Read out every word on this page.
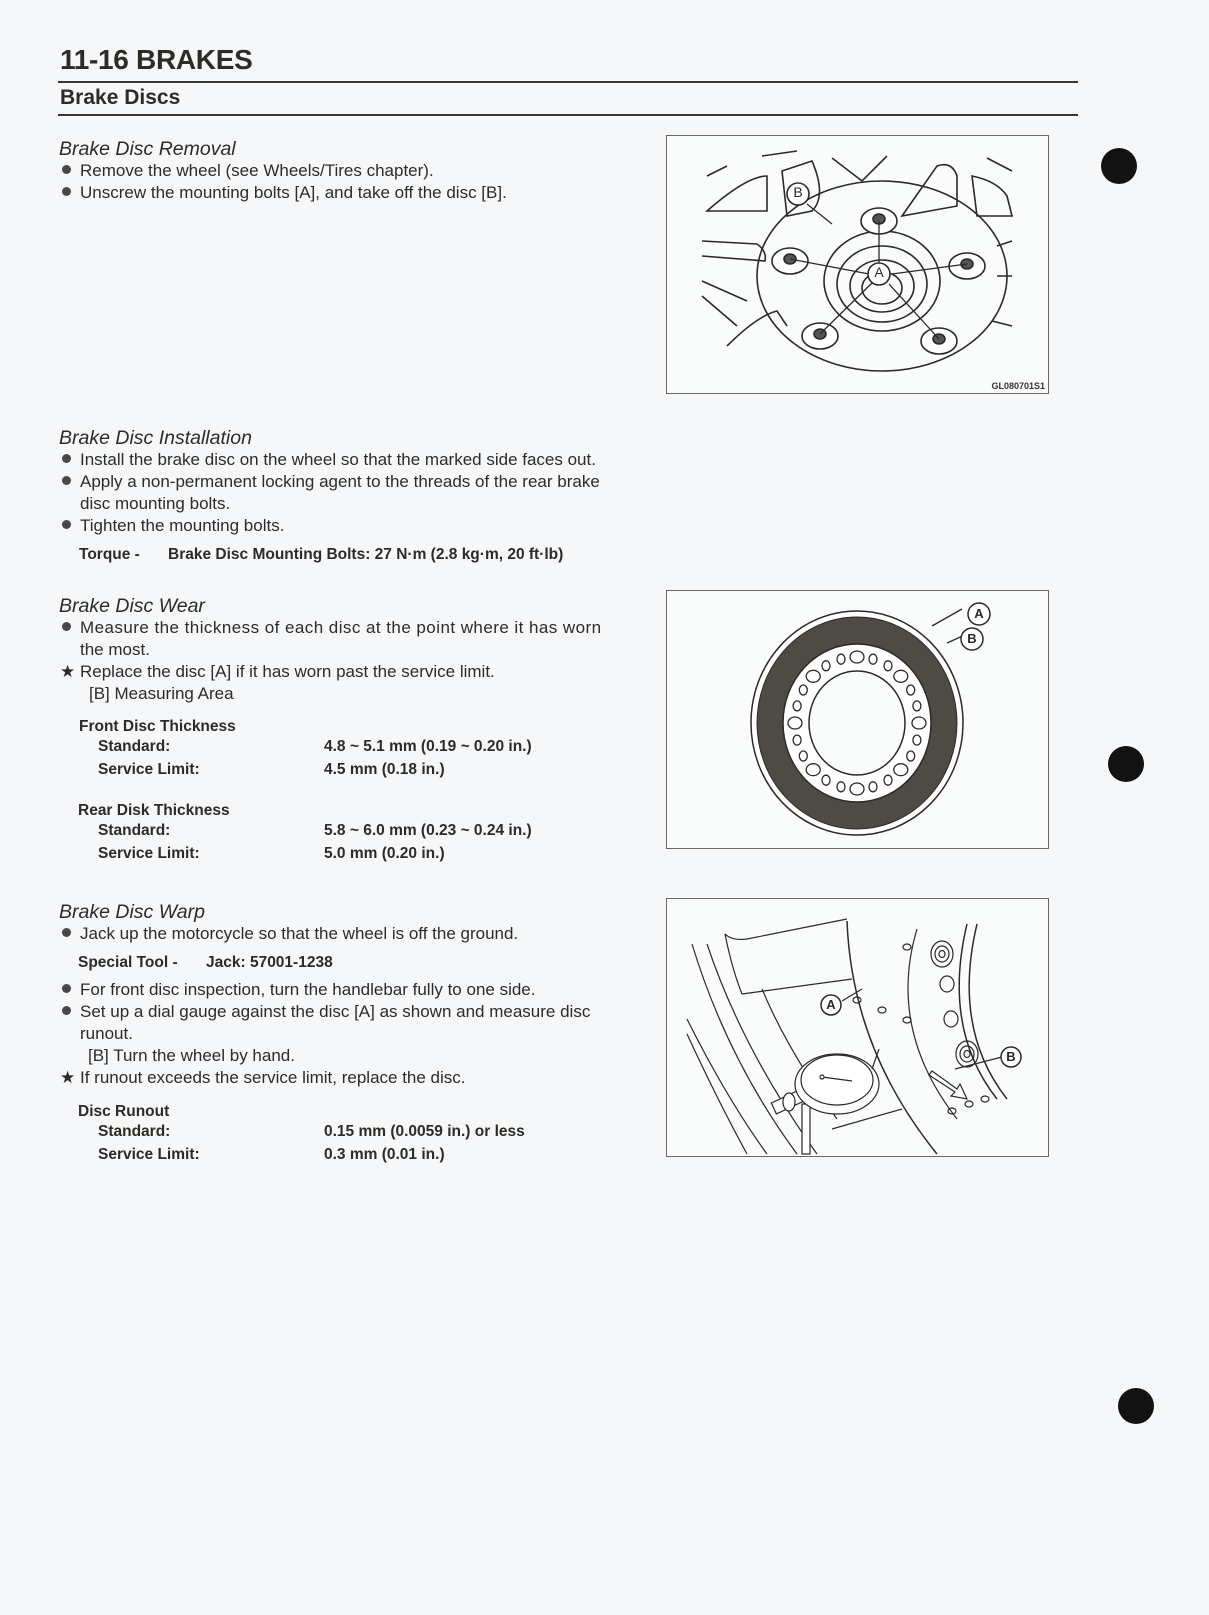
11-16 BRAKES
Brake Discs
Brake Disc Removal
Remove the wheel (see Wheels/Tires chapter).
Unscrew the mounting bolts [A], and take off the disc [B].
A
B
GL080701S1
Brake Disc Installation
Install the brake disc on the wheel so that the marked side faces out.
Apply a non-permanent locking agent to the threads of the rear brake
disc mounting bolts.
Tighten the mounting bolts.
Torque - Brake Disc Mounting Bolts: 27 N·m (2.8 kg·m, 20 ft·lb)
Brake Disc Wear
Measure the thickness of each disc at the point where it has worn
the most.
★ Replace the disc [A] if it has worn past the service limit.
[B] Measuring Area
Front Disc Thickness
Standard:	4.8 ~ 5.1 mm (0.19 ~ 0.20 in.)
Service Limit:	4.5 mm (0.18 in.)
Rear Disk Thickness
Standard:	5.8 ~ 6.0 mm (0.23 ~ 0.24 in.)
Service Limit:	5.0 mm (0.20 in.)
A
B
Brake Disc Warp
Jack up the motorcycle so that the wheel is off the ground.
Special Tool - Jack: 57001-1238
For front disc inspection, turn the handlebar fully to one side.
Set up a dial gauge against the disc [A] as shown and measure disc
runout.
[B] Turn the wheel by hand.
★ If runout exceeds the service limit, replace the disc.
Disc Runout
Standard:	0.15 mm (0.0059 in.) or less
Service Limit:	0.3 mm (0.01 in.)
A
B
